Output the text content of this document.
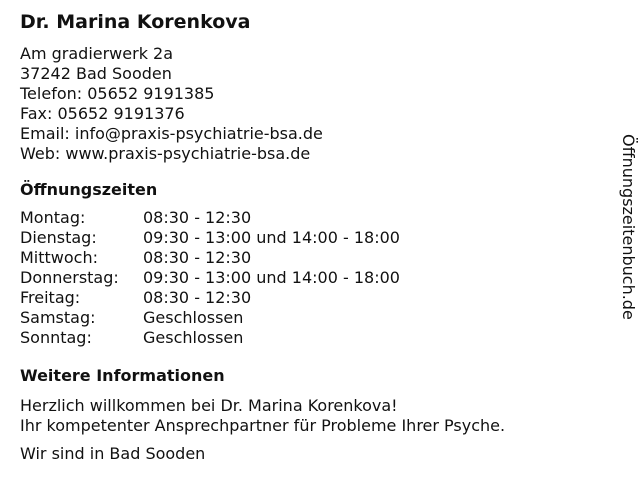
Dr. Marina Korenkova
Am gradierwerk 2a
37242 Bad Sooden
Telefon: 05652 9191385
Fax: 05652 9191376
Email: info@praxis-psychiatrie-bsa.de
Web: www.praxis-psychiatrie-bsa.de
Öffnungszeiten
Montag:	08:30 - 12:30
Dienstag:	09:30 - 13:00 und 14:00 - 18:00
Mittwoch:	08:30 - 12:30
Donnerstag: 09:30 - 13:00 und 14:00 - 18:00
Freitag:	08:30 - 12:30
Samstag:	Geschlossen
Sonntag:	Geschlossen
Weitere Informationen
Herzlich willkommen bei Dr. Marina Korenkova!
Ihr kompetenter Ansprechpartner für Probleme Ihrer Psyche.
Wir sind in Bad Sooden
Öffnungszeitenbuch.de
